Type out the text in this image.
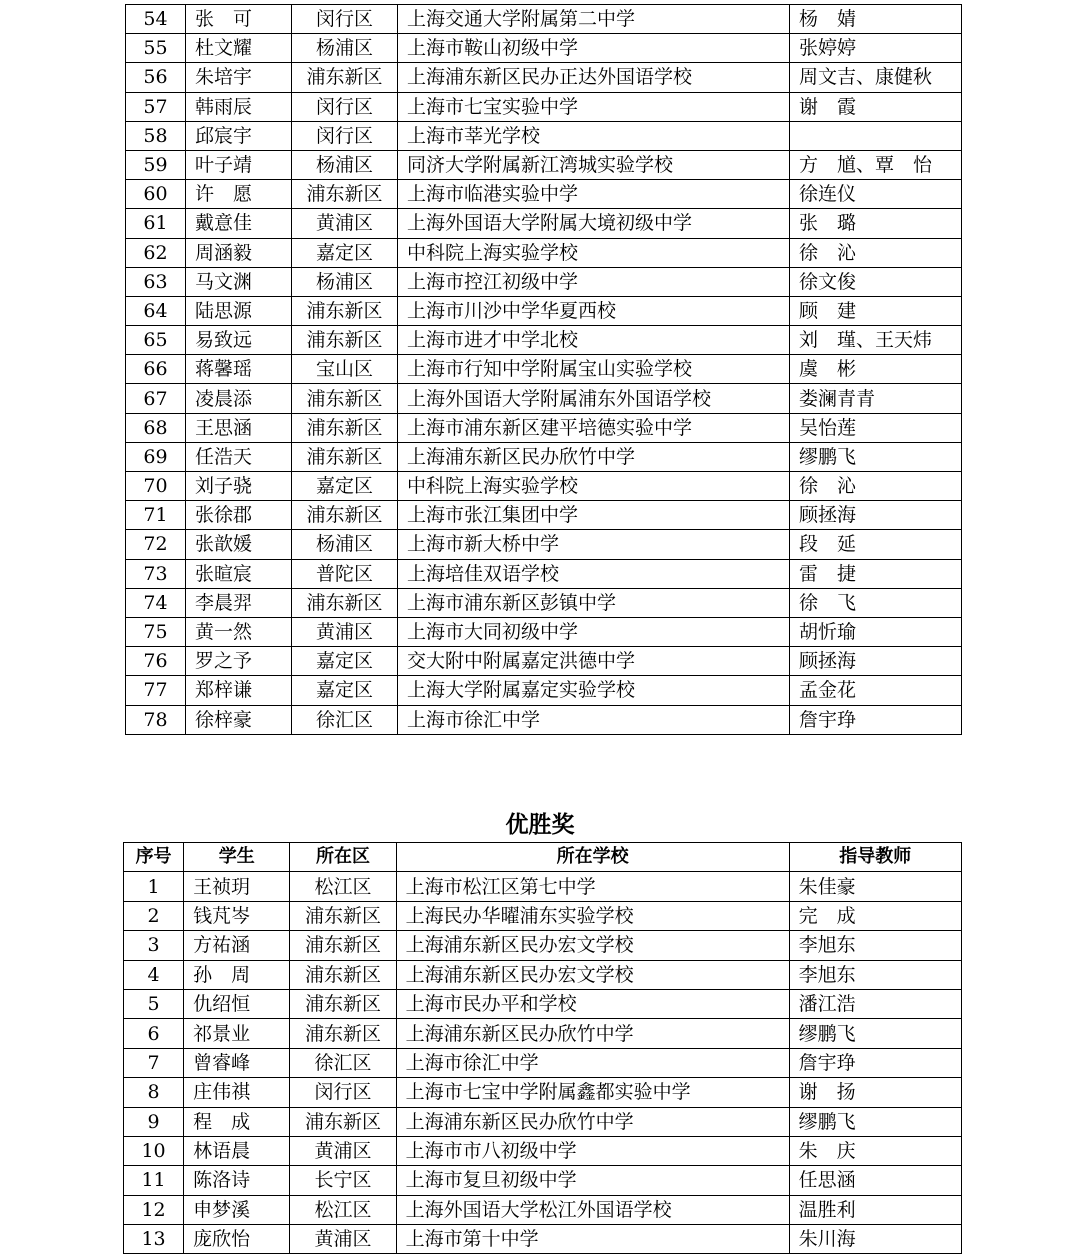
54	张　可	闵行区	上海交通大学附属第二中学	杨　婧
55	杜文耀	杨浦区	上海市鞍山初级中学	张婷婷
56	朱培宇	浦东新区	上海浦东新区民办正达外国语学校	周文吉、康健秋
57	韩雨辰	闵行区	上海市七宝实验中学	谢　霞
58	邱宸宇	闵行区	上海市莘光学校	
59	叶子靖	杨浦区	同济大学附属新江湾城实验学校	方　馗、覃　怡
60	许　愿	浦东新区	上海市临港实验中学	徐连仪
61	戴意佳	黄浦区	上海外国语大学附属大境初级中学	张　璐
62	周涵毅	嘉定区	中科院上海实验学校	徐　沁
63	马文渊	杨浦区	上海市控江初级中学	徐文俊
64	陆思源	浦东新区	上海市川沙中学华夏西校	顾　建
65	易致远	浦东新区	上海市进才中学北校	刘　瑾、王天炜
66	蒋馨瑶	宝山区	上海市行知中学附属宝山实验学校	虞　彬
67	凌晨添	浦东新区	上海外国语大学附属浦东外国语学校	娄澜青青
68	王思涵	浦东新区	上海市浦东新区建平培德实验中学	吴怡莲
69	任浩天	浦东新区	上海浦东新区民办欣竹中学	缪鹏飞
70	刘子骁	嘉定区	中科院上海实验学校	徐　沁
71	张徐郡	浦东新区	上海市张江集团中学	顾拯海
72	张歆媛	杨浦区	上海市新大桥中学	段　延
73	张暄宸	普陀区	上海培佳双语学校	雷　捷
74	李晨羿	浦东新区	上海市浦东新区彭镇中学	徐　飞
75	黄一然	黄浦区	上海市大同初级中学	胡忻瑜
76	罗之予	嘉定区	交大附中附属嘉定洪德中学	顾拯海
77	郑梓谦	嘉定区	上海大学附属嘉定实验学校	孟金花
78	徐梓豪	徐汇区	上海市徐汇中学	詹宇琤
优胜奖
序号	学生	所在区	所在学校	指导教师
1	王祯玥	松江区	上海市松江区第七中学	朱佳豪
2	钱芃岑	浦东新区	上海民办华曜浦东实验学校	完　成
3	方祐涵	浦东新区	上海浦东新区民办宏文学校	李旭东
4	孙　周	浦东新区	上海浦东新区民办宏文学校	李旭东
5	仇绍恒	浦东新区	上海市民办平和学校	潘江浩
6	祁景业	浦东新区	上海浦东新区民办欣竹中学	缪鹏飞
7	曾睿峰	徐汇区	上海市徐汇中学	詹宇琤
8	庄伟祺	闵行区	上海市七宝中学附属鑫都实验中学	谢　扬
9	程　成	浦东新区	上海浦东新区民办欣竹中学	缪鹏飞
10	林语晨	黄浦区	上海市市八初级中学	朱　庆
11	陈洛诗	长宁区	上海市复旦初级中学	任思涵
12	申梦溪	松江区	上海外国语大学松江外国语学校	温胜利
13	庞欣怡	黄浦区	上海市第十中学	朱川海
